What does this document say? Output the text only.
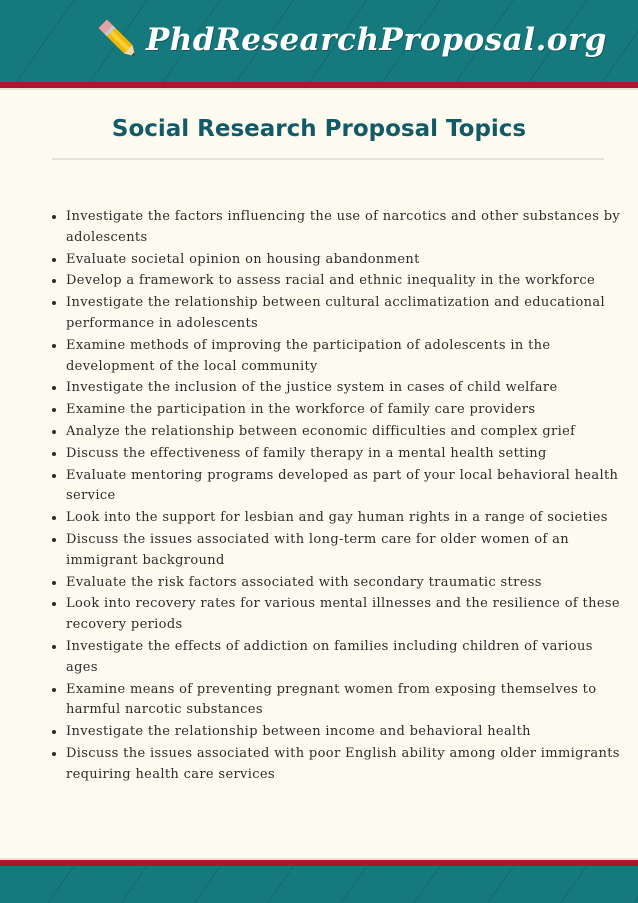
PhdResearchProposal.org
Social Research Proposal Topics
• Investigate the factors influencing the use of narcotics and other substances by adolescents
• Evaluate societal opinion on housing abandonment
• Develop a framework to assess racial and ethnic inequality in the workforce
• Investigate the relationship between cultural acclimatization and educational performance in adolescents
• Examine methods of improving the participation of adolescents in the development of the local community
• Investigate the inclusion of the justice system in cases of child welfare
• Examine the participation in the workforce of family care providers
• Analyze the relationship between economic difficulties and complex grief
• Discuss the effectiveness of family therapy in a mental health setting
• Evaluate mentoring programs developed as part of your local behavioral health service
• Look into the support for lesbian and gay human rights in a range of societies
• Discuss the issues associated with long-term care for older women of an immigrant background
• Evaluate the risk factors associated with secondary traumatic stress
• Look into recovery rates for various mental illnesses and the resilience of these recovery periods
• Investigate the effects of addiction on families including children of various ages
• Examine means of preventing pregnant women from exposing themselves to harmful narcotic substances
• Investigate the relationship between income and behavioral health
• Discuss the issues associated with poor English ability among older immigrants requiring health care services
